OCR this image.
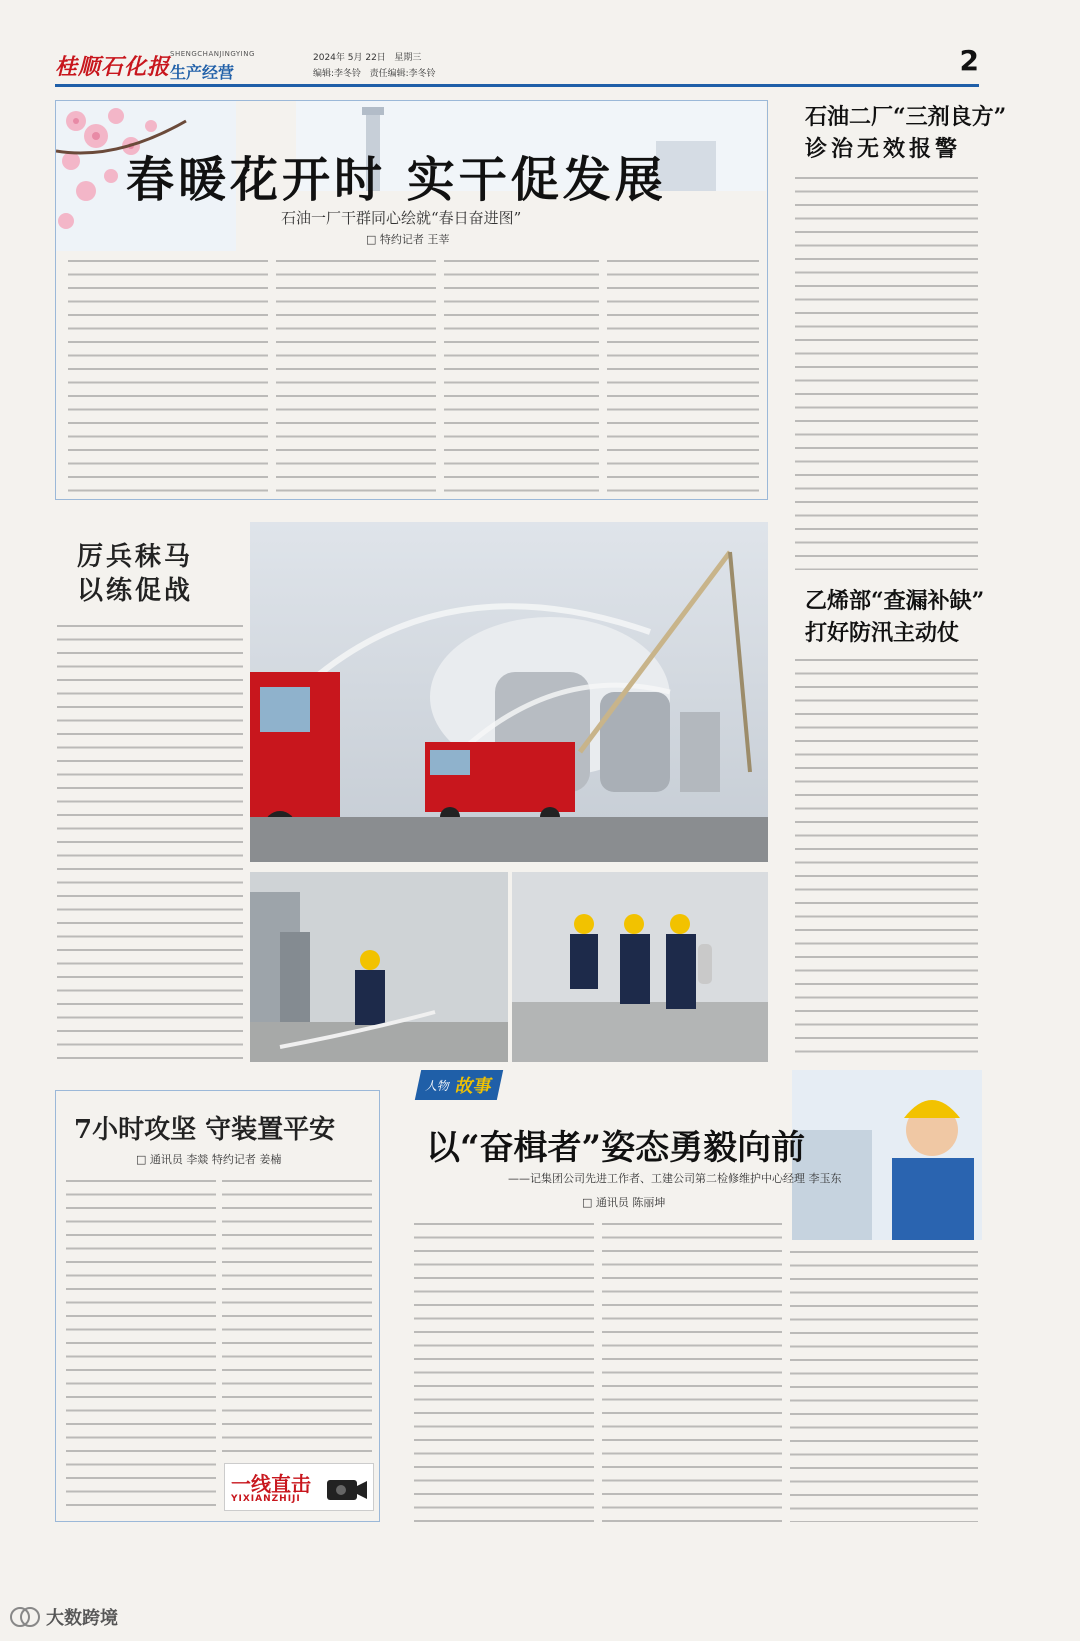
桂顺石化报 SHENGCHANJINGYING
生产经营
2024年 5月 22日 星期三
编辑:李冬铃 责任编辑:李冬铃	2
春暖花开时 实干促发展
石油一厂干群同心绘就“春日奋进图”
□ 特约记者 王莘
石油二厂“三剂良方”
诊治无效报警
乙烯部“查漏补缺”
打好防汛主动仗
厉兵秣马
以练促战
7小时攻坚 守装置平安
□ 通讯员 李燚 特约记者 姜楠
一线直击
YIXIANZHIJI
人物 故事
以“奋楫者”姿态勇毅向前
——记集团公司先进工作者、工建公司第二检修维护中心经理 李玉东
□ 通讯员 陈丽坤
大数跨境
